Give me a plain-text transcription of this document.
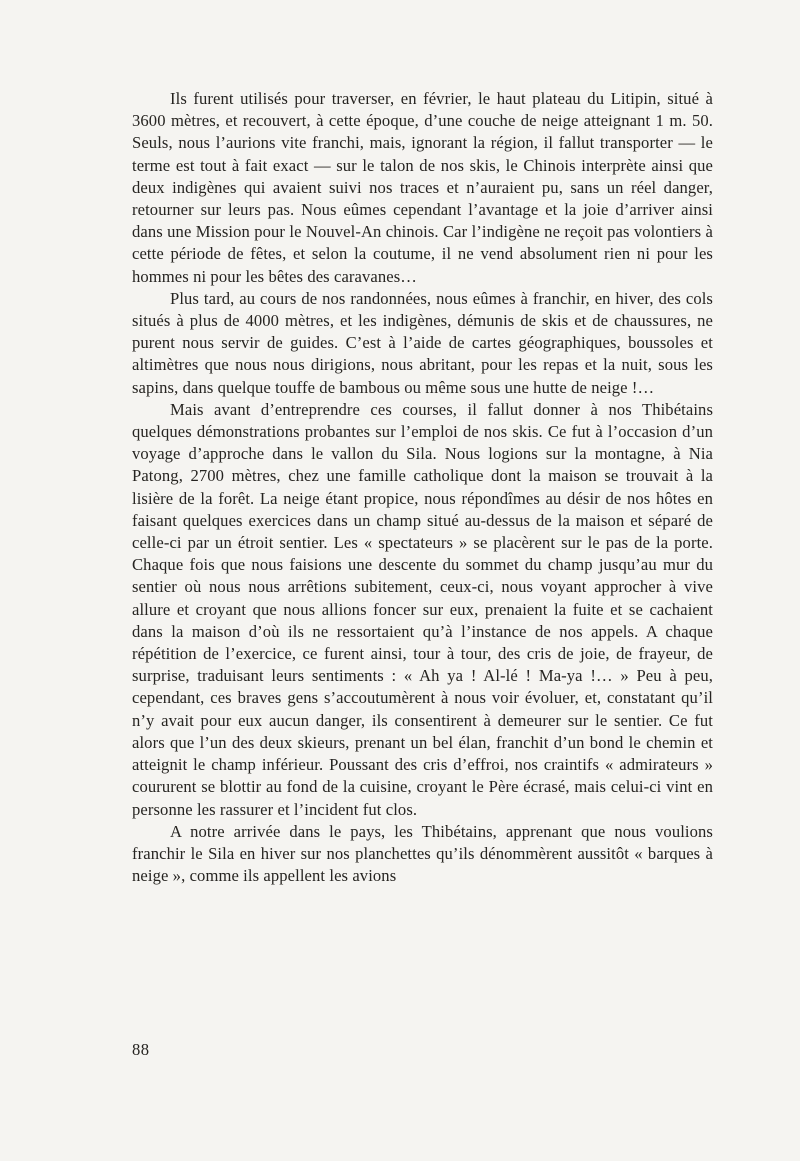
Ils furent utilisés pour traverser, en février, le haut plateau du Litipin, situé à 3600 mètres, et recouvert, à cette époque, d’une couche de neige atteignant 1 m. 50. Seuls, nous l’aurions vite franchi, mais, ignorant la région, il fallut transporter — le terme est tout à fait exact — sur le talon de nos skis, le Chinois interprète ainsi que deux indigènes qui avaient suivi nos traces et n’auraient pu, sans un réel danger, retourner sur leurs pas. Nous eûmes cependant l’avantage et la joie d’arriver ainsi dans une Mission pour le Nouvel-An chinois. Car l’indigène ne reçoit pas volontiers à cette période de fêtes, et selon la coutume, il ne vend absolument rien ni pour les hommes ni pour les bêtes des caravanes…

Plus tard, au cours de nos randonnées, nous eûmes à franchir, en hiver, des cols situés à plus de 4000 mètres, et les indigènes, démunis de skis et de chaussures, ne purent nous servir de guides. C’est à l’aide de cartes géographiques, boussoles et altimètres que nous nous dirigions, nous abritant, pour les repas et la nuit, sous les sapins, dans quelque touffe de bambous ou même sous une hutte de neige !…

Mais avant d’entreprendre ces courses, il fallut donner à nos Thibétains quelques démonstrations probantes sur l’emploi de nos skis. Ce fut à l’occasion d’un voyage d’approche dans le vallon du Sila. Nous logions sur la montagne, à Nia Patong, 2700 mètres, chez une famille catholique dont la maison se trouvait à la lisière de la forêt. La neige étant propice, nous répondîmes au désir de nos hôtes en faisant quelques exercices dans un champ situé au-dessus de la maison et séparé de celle-ci par un étroit sentier. Les « spectateurs » se placèrent sur le pas de la porte. Chaque fois que nous faisions une descente du sommet du champ jusqu’au mur du sentier où nous nous arrêtions subitement, ceux-ci, nous voyant approcher à vive allure et croyant que nous allions foncer sur eux, prenaient la fuite et se cachaient dans la maison d’où ils ne ressortaient qu’à l’instance de nos appels. A chaque répétition de l’exercice, ce furent ainsi, tour à tour, des cris de joie, de frayeur, de surprise, traduisant leurs sentiments : « Ah ya ! Al-lé ! Ma-ya !… » Peu à peu, cependant, ces braves gens s’accoutumèrent à nous voir évoluer, et, constatant qu’il n’y avait pour eux aucun danger, ils consentirent à demeurer sur le sentier. Ce fut alors que l’un des deux skieurs, prenant un bel élan, franchit d’un bond le chemin et atteignit le champ inférieur. Poussant des cris d’effroi, nos craintifs « admirateurs » coururent se blottir au fond de la cuisine, croyant le Père écrasé, mais celui-ci vint en personne les rassurer et l’incident fut clos.

A notre arrivée dans le pays, les Thibétains, apprenant que nous voulions franchir le Sila en hiver sur nos planchettes qu’ils dénommèrent aussitôt « barques à neige », comme ils appellent les avions

88
